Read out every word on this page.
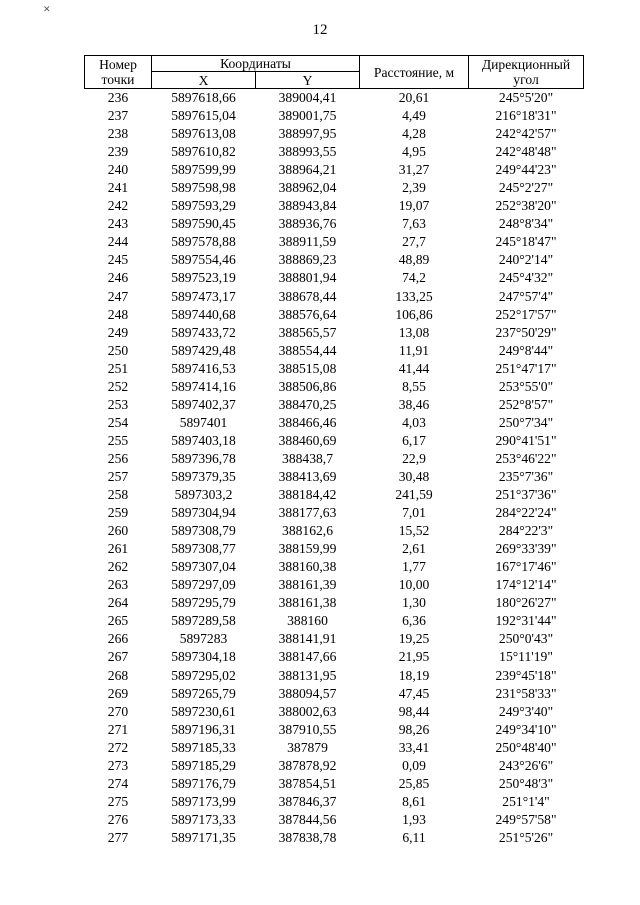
✕
12
Номер точки	Координаты		Расстояние, м	Дирекционный угол
	X	Y		
236	5897618,66	389004,41	20,61	245°5'20"
237	5897615,04	389001,75	4,49	216°18'31"
238	5897613,08	388997,95	4,28	242°42'57"
239	5897610,82	388993,55	4,95	242°48'48"
240	5897599,99	388964,21	31,27	249°44'23"
241	5897598,98	388962,04	2,39	245°2'27"
242	5897593,29	388943,84	19,07	252°38'20"
243	5897590,45	388936,76	7,63	248°8'34"
244	5897578,88	388911,59	27,7	245°18'47"
245	5897554,46	388869,23	48,89	240°2'14"
246	5897523,19	388801,94	74,2	245°4'32"
247	5897473,17	388678,44	133,25	247°57'4"
248	5897440,68	388576,64	106,86	252°17'57"
249	5897433,72	388565,57	13,08	237°50'29"
250	5897429,48	388554,44	11,91	249°8'44"
251	5897416,53	388515,08	41,44	251°47'17"
252	5897414,16	388506,86	8,55	253°55'0"
253	5897402,37	388470,25	38,46	252°8'57"
254	5897401	388466,46	4,03	250°7'34"
255	5897403,18	388460,69	6,17	290°41'51"
256	5897396,78	388438,7	22,9	253°46'22"
257	5897379,35	388413,69	30,48	235°7'36"
258	5897303,2	388184,42	241,59	251°37'36"
259	5897304,94	388177,63	7,01	284°22'24"
260	5897308,79	388162,6	15,52	284°22'3"
261	5897308,77	388159,99	2,61	269°33'39"
262	5897307,04	388160,38	1,77	167°17'46"
263	5897297,09	388161,39	10,00	174°12'14"
264	5897295,79	388161,38	1,30	180°26'27"
265	5897289,58	388160	6,36	192°31'44"
266	5897283	388141,91	19,25	250°0'43"
267	5897304,18	388147,66	21,95	15°11'19"
268	5897295,02	388131,95	18,19	239°45'18"
269	5897265,79	388094,57	47,45	231°58'33"
270	5897230,61	388002,63	98,44	249°3'40"
271	5897196,31	387910,55	98,26	249°34'10"
272	5897185,33	387879	33,41	250°48'40"
273	5897185,29	387878,92	0,09	243°26'6"
274	5897176,79	387854,51	25,85	250°48'3"
275	5897173,99	387846,37	8,61	251°1'4"
276	5897173,33	387844,56	1,93	249°57'58"
277	5897171,35	387838,78	6,11	251°5'26"
